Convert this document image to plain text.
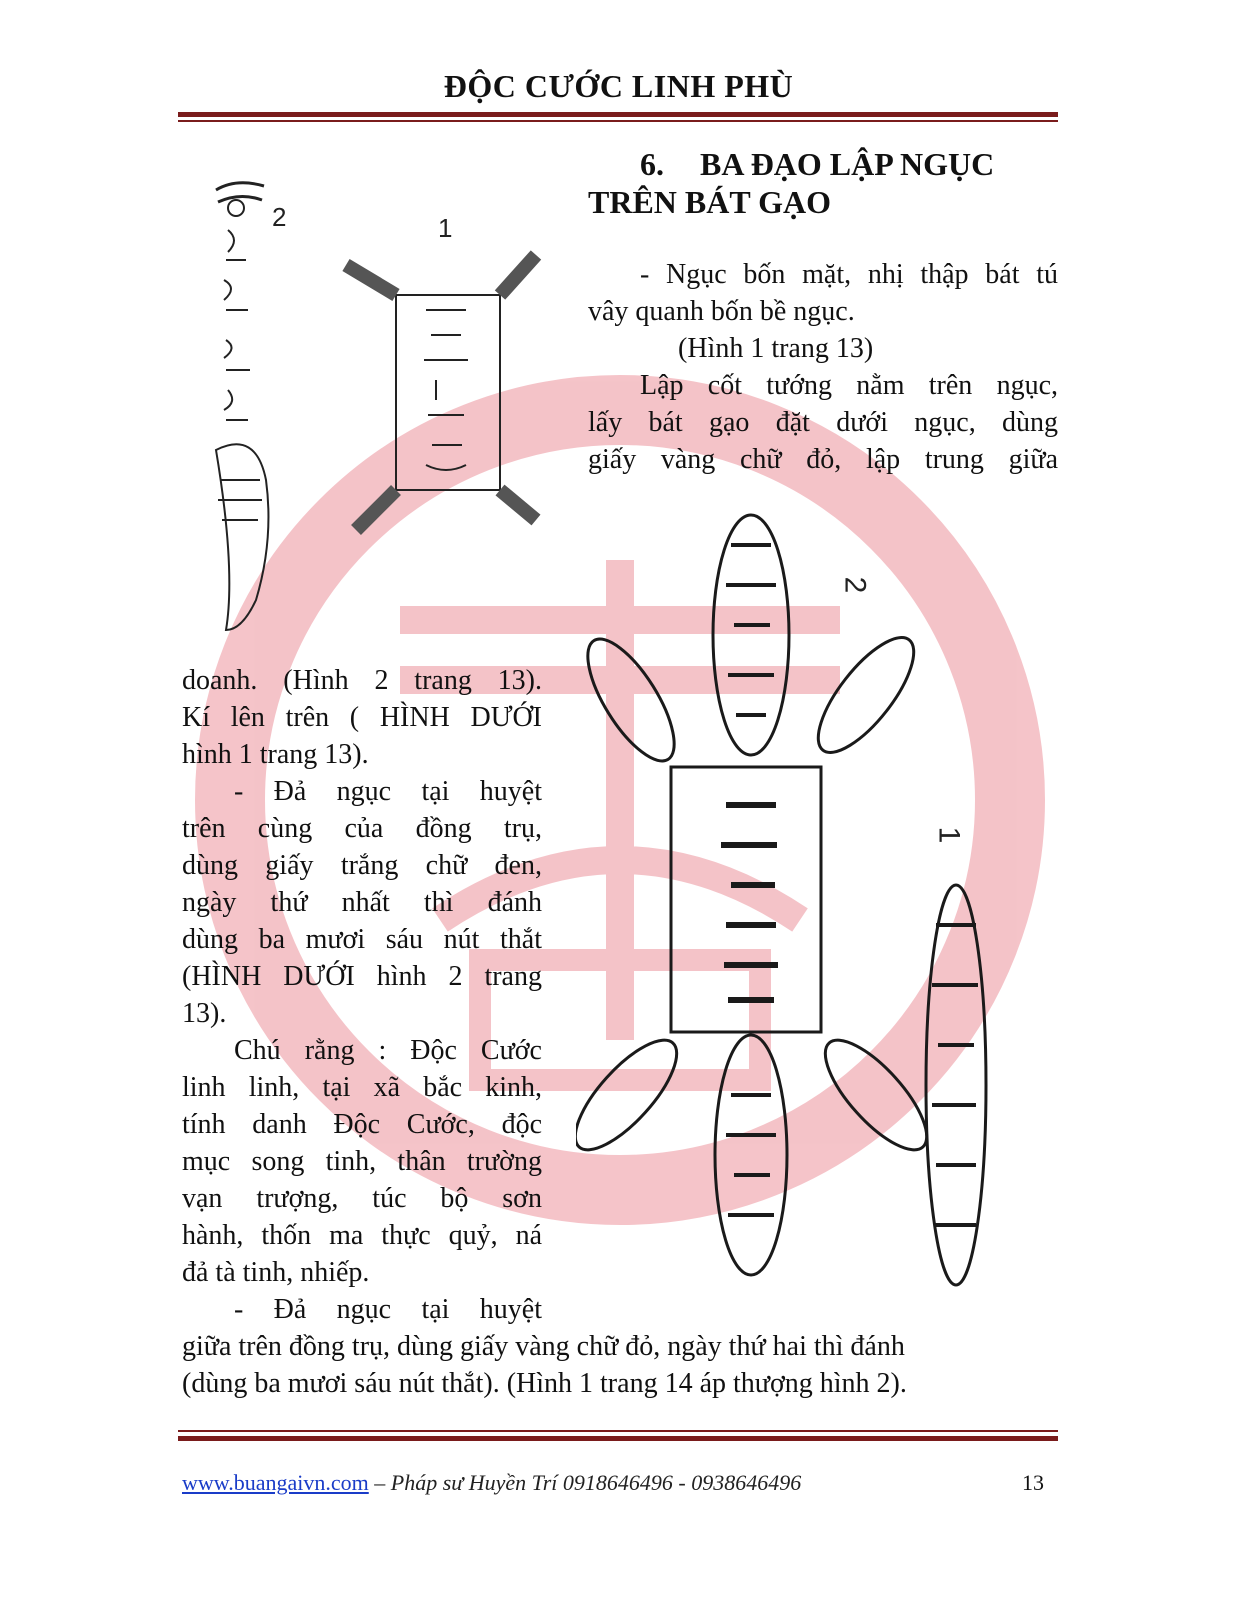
ĐỘC CƯỚC LINH PHÙ
2	1
2
1
6. BA ĐẠO LẬP NGỤC
TRÊN BÁT GẠO
- Ngục bốn mặt, nhị thập bát tú
vây quanh bốn bề ngục.
(Hình 1 trang 13)
Lập cốt tướng nằm trên ngục,
lấy bát gạo đặt dưới ngục, dùng
giấy vàng chữ đỏ, lập trung giữa
doanh. (Hình 2 trang 13).
Kí lên trên ( HÌNH DƯỚI
hình 1 trang 13).
- Đả ngục tại huyệt
trên cùng của đồng trụ,
dùng giấy trắng chữ đen,
ngày thứ nhất thì đánh
dùng ba mươi sáu nút thắt
(HÌNH DƯỚI hình 2 trang
13).
Chú rằng : Độc Cước
linh linh, tại xã bắc kinh,
tính danh Độc Cước, độc
mục song tinh, thân trường
vạn trượng, túc bộ sơn
hành, thốn ma thực quỷ, ná
đả tà tinh, nhiếp.
- Đả ngục tại huyệt
giữa trên đồng trụ, dùng giấy vàng chữ đỏ, ngày thứ hai thì đánh
(dùng ba mươi sáu nút thắt). (Hình 1 trang 14 áp thượng hình 2).
www.buangaivn.com – Pháp sư Huyền Trí 0918646496 - 0938646496	13
